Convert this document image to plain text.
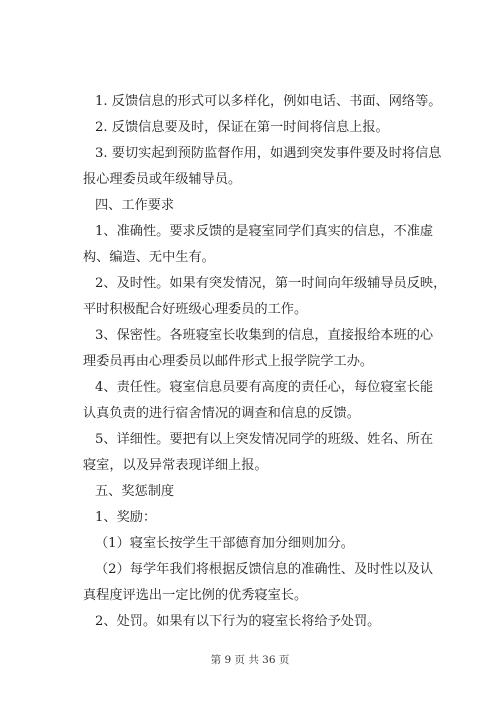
1. 反馈信息的形式可以多样化，例如电话、书面、网络等。
2. 反馈信息要及时，保证在第一时间将信息上报。
3. 要切实起到预防监督作用，如遇到突发事件要及时将信息
报心理委员或年级辅导员。
四、工作要求
1、准确性。要求反馈的是寝室同学们真实的信息，不准虚
构、编造、无中生有。
2、及时性。如果有突发情况，第一时间向年级辅导员反映，
平时积极配合好班级心理委员的工作。
3、保密性。各班寝室长收集到的信息，直接报给本班的心
理委员再由心理委员以邮件形式上报学院学工办。
4、责任性。寝室信息员要有高度的责任心，每位寝室长能
认真负责的进行宿舍情况的调查和信息的反馈。
5、详细性。要把有以上突发情况同学的班级、姓名、所在
寝室，以及异常表现详细上报。
五、奖惩制度
1、奖励：
（1）寝室长按学生干部德育加分细则加分。
（2）每学年我们将根据反馈信息的准确性、及时性以及认
真程度评选出一定比例的优秀寝室长。
2、处罚。如果有以下行为的寝室长将给予处罚。

第 9 页 共 36 页
